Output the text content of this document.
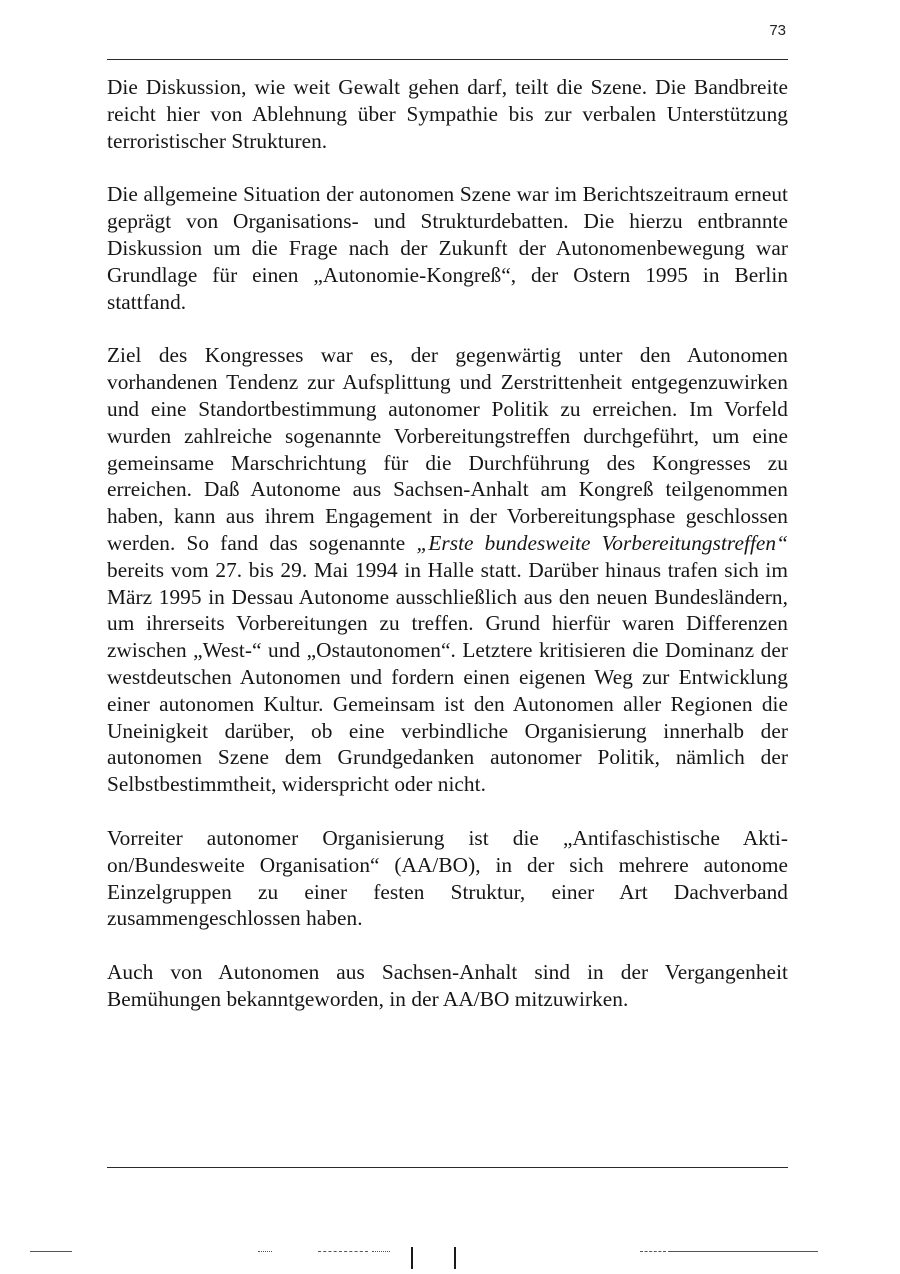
73

Die Diskussion, wie weit Gewalt gehen darf, teilt die Szene. Die Bandbreite reicht hier von Ablehnung über Sympathie bis zur verbalen Unterstützung terroristischer Strukturen.

Die allgemeine Situation der autonomen Szene war im Berichtszeitraum erneut geprägt von Organisations- und Strukturdebatten. Die hierzu entbrannte Diskussion um die Frage nach der Zukunft der Autonomenbewegung war Grundlage für einen „Autonomie-Kongreß“, der Ostern 1995 in Berlin stattfand.

Ziel des Kongresses war es, der gegenwärtig unter den Autonomen vorhandenen Tendenz zur Aufsplittung und Zerstrittenheit entgegenzuwirken und eine Standortbestimmung autonomer Politik zu erreichen. Im Vorfeld wurden zahlreiche sogenannte Vorbereitungstreffen durchgeführt, um eine gemeinsame Marschrichtung für die Durchführung des Kongresses zu erreichen. Daß Autonome aus Sachsen-Anhalt am Kongreß teilgenommen haben, kann aus ihrem Engagement in der Vorbereitungsphase geschlossen werden. So fand das sogenannte „Erste bundesweite Vorbereitungstreffen“ bereits vom 27. bis 29. Mai 1994 in Halle statt. Darüber hinaus trafen sich im März 1995 in Dessau Autonome ausschließlich aus den neuen Bundesländern, um ihrerseits Vorbereitungen zu treffen. Grund hierfür waren Differenzen zwischen „West-“ und „Ostautonomen“. Letztere kritisieren die Dominanz der westdeutschen Autonomen und fordern einen eigenen Weg zur Entwicklung einer autonomen Kultur. Gemeinsam ist den Autonomen aller Regionen die Uneinigkeit darüber, ob eine verbindliche Organisierung innerhalb der autonomen Szene dem Grundgedanken autonomer Politik, nämlich der Selbstbestimmtheit, widerspricht oder nicht.

Vorreiter autonomer Organisierung ist die „Antifaschistische Aktion/Bundesweite Organisation“ (AA/BO), in der sich mehrere autonome Einzelgruppen zu einer festen Struktur, einer Art Dachverband zusammengeschlossen haben.

Auch von Autonomen aus Sachsen-Anhalt sind in der Vergangenheit Bemühungen bekanntgeworden, in der AA/BO mitzuwirken.
